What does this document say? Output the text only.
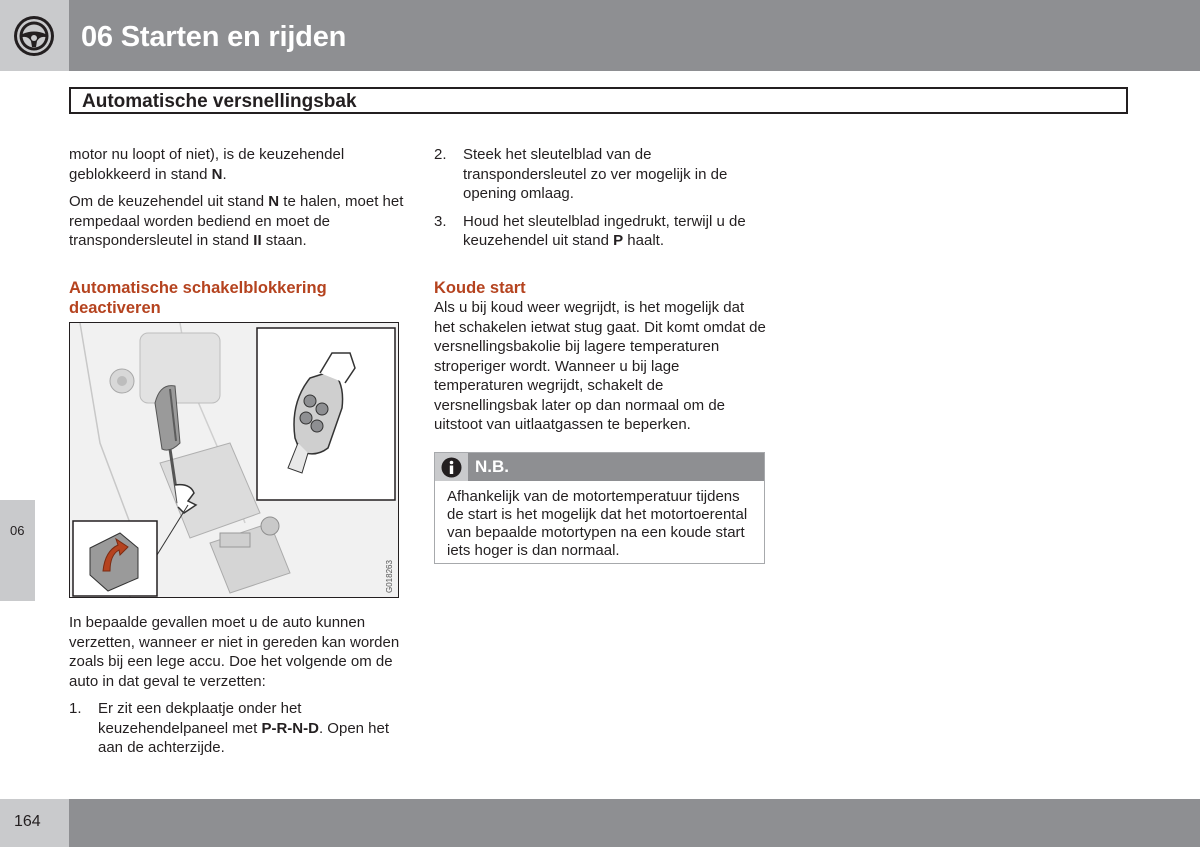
06 Starten en rijden
Automatische versnellingsbak
06

motor nu loopt of niet), is de keuzehendel geblokkeerd in stand N.

Om de keuzehendel uit stand N te halen, moet het rempedaal worden bediend en moet de transpondersleutel in stand II staan.

Automatische schakelblokkering deactiveren
G018263

In bepaalde gevallen moet u de auto kunnen verzetten, wanneer er niet in gereden kan worden zoals bij een lege accu. Doe het volgende om de auto in dat geval te verzetten:

1. Er zit een dekplaatje onder het keuzehendelpaneel met P-R-N-D. Open het aan de achterzijde.
2. Steek het sleutelblad van de transpondersleutel zo ver mogelijk in de opening omlaag.
3. Houd het sleutelblad ingedrukt, terwijl u de keuzehendel uit stand P haalt.
Koude start

Als u bij koud weer wegrijdt, is het mogelijk dat het schakelen ietwat stug gaat. Dit komt omdat de versnellingsbakolie bij lagere temperaturen stroperiger wordt. Wanneer u bij lage temperaturen wegrijdt, schakelt de versnellingsbak later op dan normaal om de uitstoot van uitlaatgassen te beperken.

N.B.

Afhankelijk van de motortemperatuur tijdens de start is het mogelijk dat het motortoerental van bepaalde motortypen na een koude start iets hoger is dan normaal.

164
